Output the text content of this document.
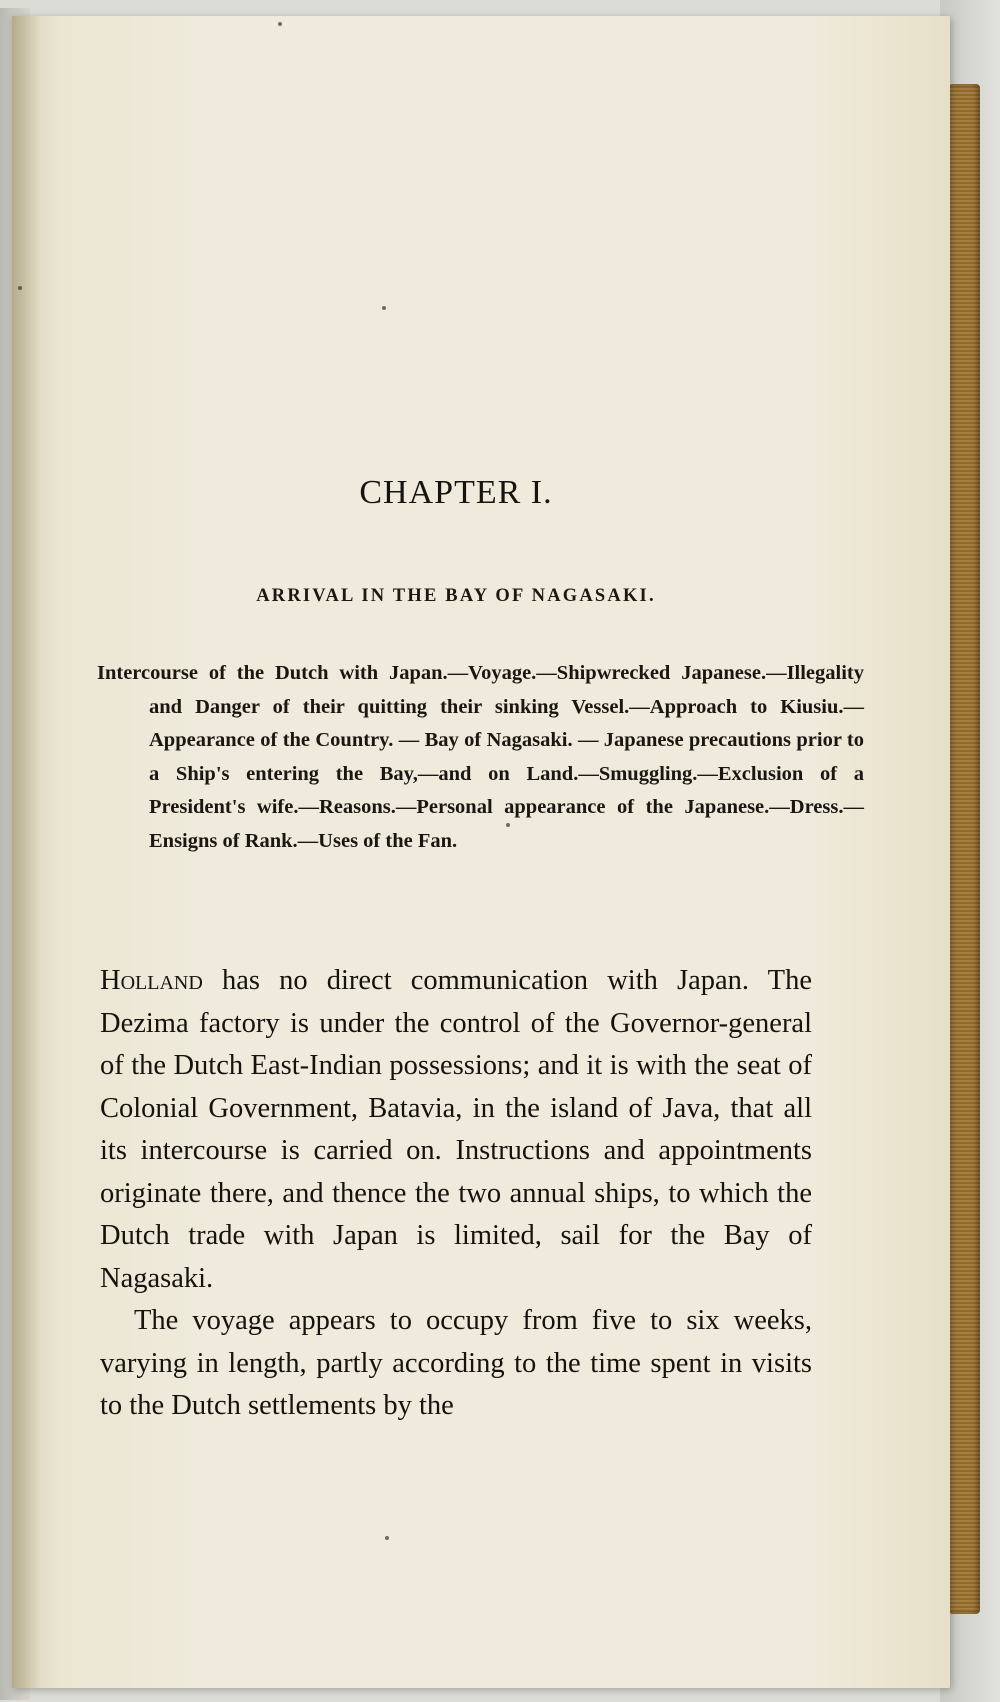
CHAPTER I.
ARRIVAL IN THE BAY OF NAGASAKI.
Intercourse of the Dutch with Japan.—Voyage.—Shipwrecked Japanese.—Illegality and Danger of their quitting their sinking Vessel.—Approach to Kiusiu.—Appearance of the Country. — Bay of Nagasaki. — Japanese precautions prior to a Ship's entering the Bay,—and on Land.—Smuggling.—Exclusion of a President's wife.—Reasons.—Personal appearance of the Japanese.—Dress.—Ensigns of Rank.—Uses of the Fan.

Holland has no direct communication with Japan. The Dezima factory is under the control of the Governor-general of the Dutch East-Indian possessions; and it is with the seat of Colonial Government, Batavia, in the island of Java, that all its intercourse is carried on. Instructions and appointments originate there, and thence the two annual ships, to which the Dutch trade with Japan is limited, sail for the Bay of Nagasaki.

The voyage appears to occupy from five to six weeks, varying in length, partly according to the time spent in visits to the Dutch settlements by the
